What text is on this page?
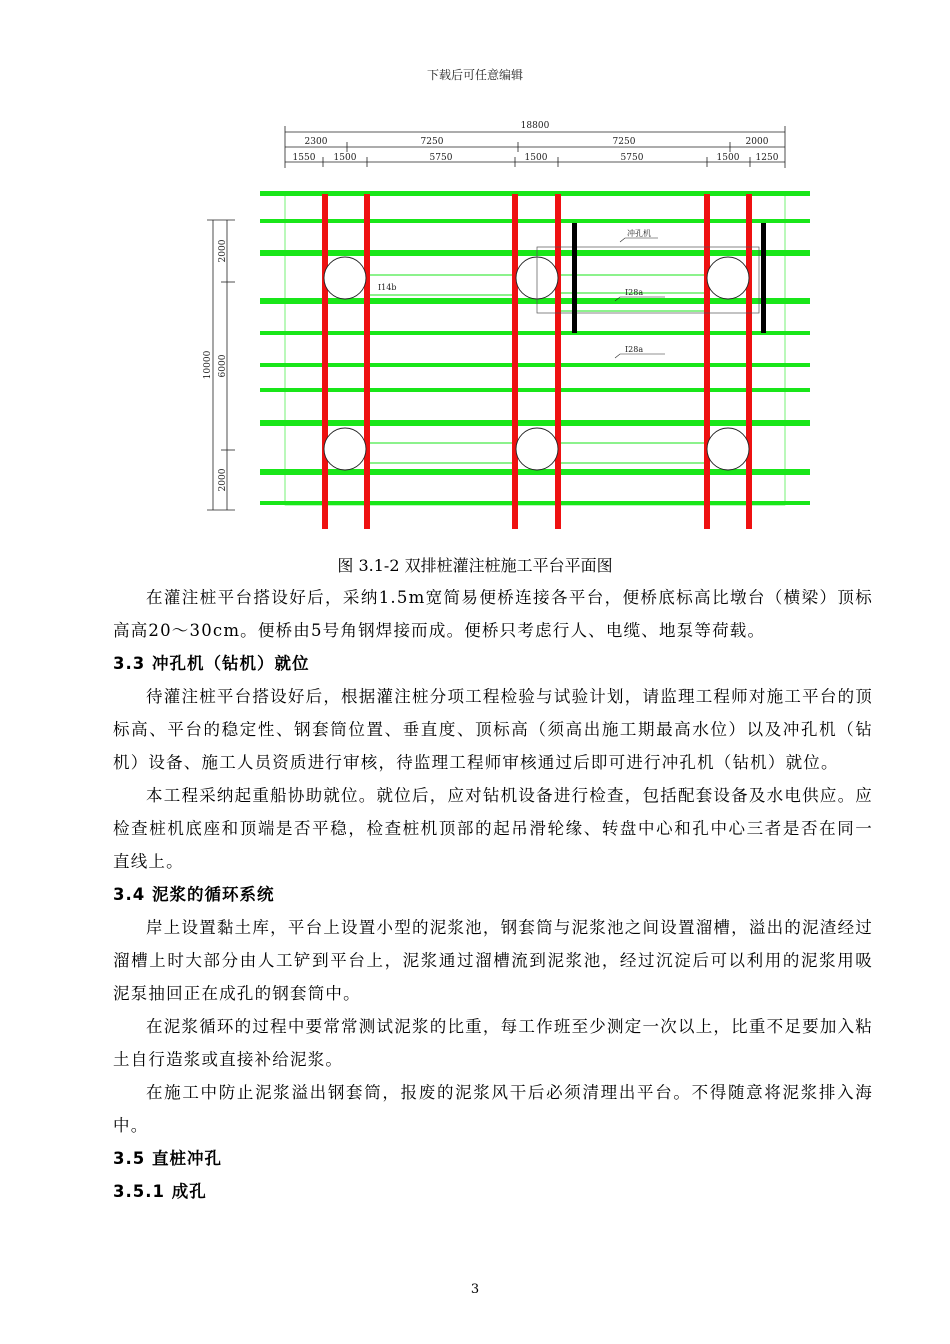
下载后可任意编辑
18800
2300	7250	7250	2000
1550 1500	5750	1500	5750	1500 1250
10000
2000
6000
2000
冲孔机
I14b
I28a
I28a
图 3.1-2 双排桩灌注桩施工平台平面图

在灌注桩平台搭设好后，采纳1.5m宽简易便桥连接各平台，便桥底标高比墩台（横梁）顶标高高20～30cm。便桥由5号角钢焊接而成。便桥只考虑行人、电缆、地泵等荷载。

3.3 冲孔机（钻机）就位

待灌注桩平台搭设好后，根据灌注桩分项工程检验与试验计划，请监理工程师对施工平台的顶标高、平台的稳定性、钢套筒位置、垂直度、顶标高（须高出施工期最高水位）以及冲孔机（钻机）设备、施工人员资质进行审核，待监理工程师审核通过后即可进行冲孔机（钻机）就位。

本工程采纳起重船协助就位。就位后，应对钻机设备进行检查，包括配套设备及水电供应。应检查桩机底座和顶端是否平稳，检查桩机顶部的起吊滑轮缘、转盘中心和孔中心三者是否在同一直线上。

3.4 泥浆的循环系统

岸上设置黏土库，平台上设置小型的泥浆池，钢套筒与泥浆池之间设置溜槽，溢出的泥渣经过溜槽上时大部分由人工铲到平台上，泥浆通过溜槽流到泥浆池，经过沉淀后可以利用的泥浆用吸泥泵抽回正在成孔的钢套筒中。

在泥浆循环的过程中要常常测试泥浆的比重，每工作班至少测定一次以上，比重不足要加入粘土自行造浆或直接补给泥浆。

在施工中防止泥浆溢出钢套筒，报废的泥浆风干后必须清理出平台。不得随意将泥浆排入海中。

3.5 直桩冲孔
3.5.1 成孔
3
